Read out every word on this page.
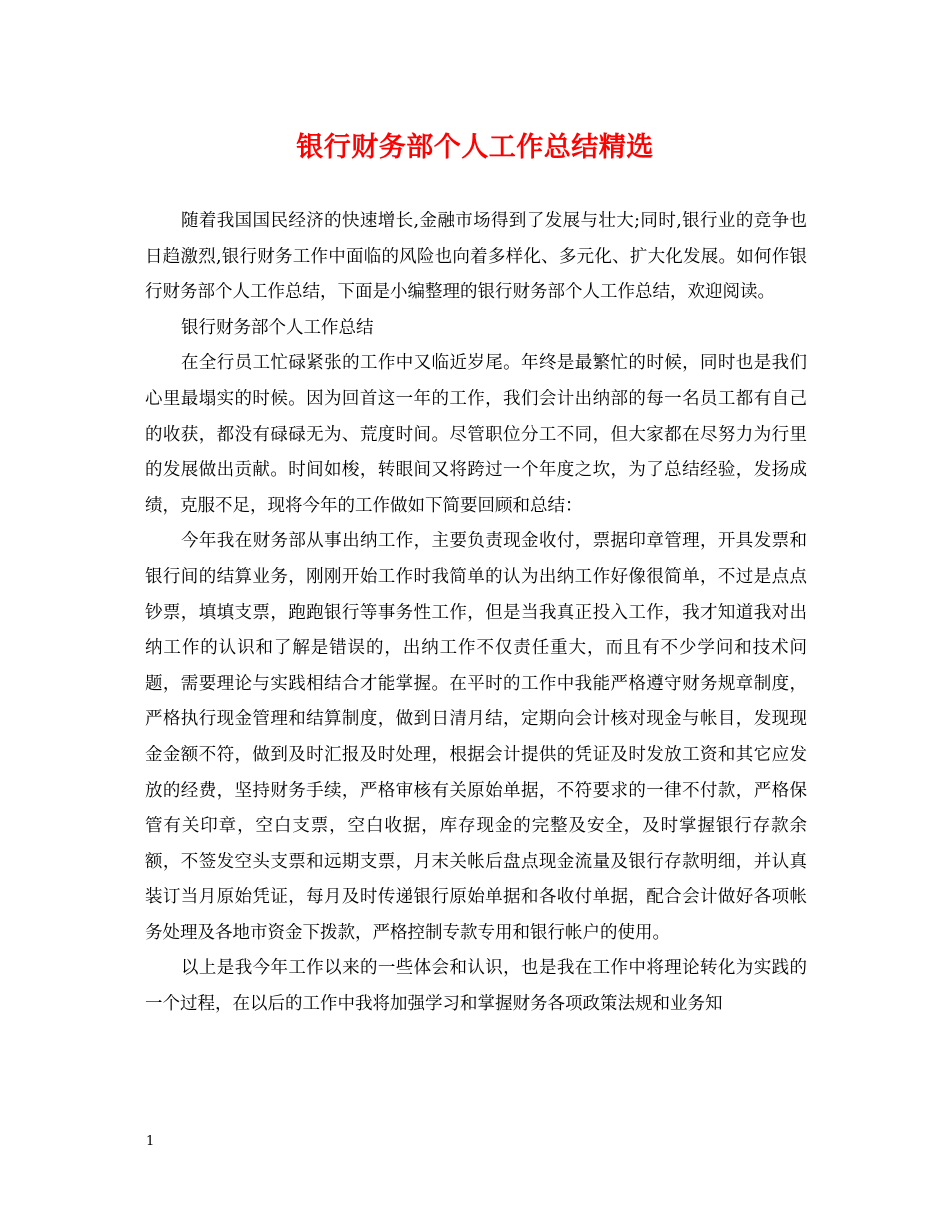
银行财务部个人工作总结精选

随着我国国民经济的快速增长,金融市场得到了发展与壮大;同时,银行业的竞争也日趋激烈,银行财务工作中面临的风险也向着多样化、多元化、扩大化发展。如何作银行财务部个人工作总结，下面是小编整理的银行财务部个人工作总结，欢迎阅读。

银行财务部个人工作总结

在全行员工忙碌紧张的工作中又临近岁尾。年终是最繁忙的时候，同时也是我们心里最塌实的时候。因为回首这一年的工作，我们会计出纳部的每一名员工都有自己的收获，都没有碌碌无为、荒度时间。尽管职位分工不同，但大家都在尽努力为行里的发展做出贡献。时间如梭，转眼间又将跨过一个年度之坎，为了总结经验，发扬成绩，克服不足，现将今年的工作做如下简要回顾和总结：

今年我在财务部从事出纳工作，主要负责现金收付，票据印章管理，开具发票和银行间的结算业务，刚刚开始工作时我简单的认为出纳工作好像很简单，不过是点点钞票，填填支票，跑跑银行等事务性工作，但是当我真正投入工作，我才知道我对出纳工作的认识和了解是错误的，出纳工作不仅责任重大，而且有不少学问和技术问题，需要理论与实践相结合才能掌握。在平时的工作中我能严格遵守财务规章制度，严格执行现金管理和结算制度，做到日清月结，定期向会计核对现金与帐目，发现现金金额不符，做到及时汇报及时处理，根据会计提供的凭证及时发放工资和其它应发放的经费，坚持财务手续，严格审核有关原始单据，不符要求的一律不付款，严格保管有关印章，空白支票，空白收据，库存现金的完整及安全，及时掌握银行存款余额，不签发空头支票和远期支票，月末关帐后盘点现金流量及银行存款明细，并认真装订当月原始凭证，每月及时传递银行原始单据和各收付单据，配合会计做好各项帐务处理及各地市资金下拨款，严格控制专款专用和银行帐户的使用。

以上是我今年工作以来的一些体会和认识，也是我在工作中将理论转化为实践的一个过程，在以后的工作中我将加强学习和掌握财务各项政策法规和业务知

1
